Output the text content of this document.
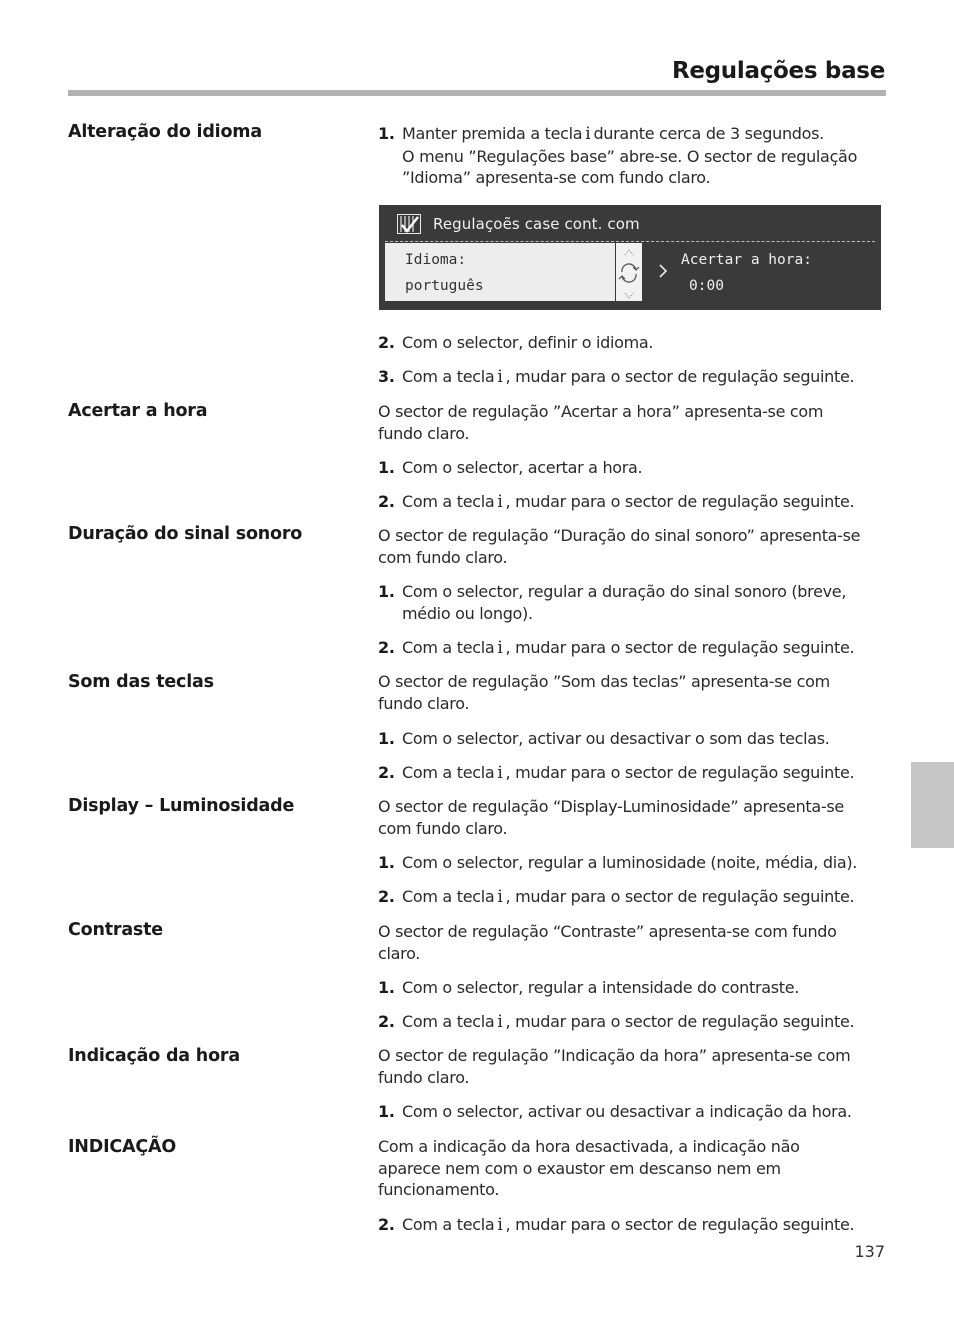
Regulações base
Alteração do idioma
Acertar a hora
Duração do sinal sonoro
Som das teclas
Display – Luminosidade
Contraste
Indicação da hora
INDICAÇÃO
1. Manter premida a tecla i durante cerca de 3 segundos.
O menu ”Regulações base” abre-se. O sector de regulação
”Idioma” apresenta-se com fundo claro.
Regulaçoẽs case cont. com
Idioma:
português
Acertar a hora:
0:00
2. Com o selector, definir o idioma.
3. Com a tecla i , mudar para o sector de regulação seguinte.
O sector de regulação ”Acertar a hora” apresenta-se com
fundo claro.
1. Com o selector, acertar a hora.
2. Com a tecla i , mudar para o sector de regulação seguinte.
O sector de regulação “Duração do sinal sonoro” apresenta-se
com fundo claro.
1. Com o selector, regular a duração do sinal sonoro (breve,
médio ou longo).
2. Com a tecla i , mudar para o sector de regulação seguinte.
O sector de regulação ”Som das teclas” apresenta-se com
fundo claro.
1. Com o selector, activar ou desactivar o som das teclas.
2. Com a tecla i , mudar para o sector de regulação seguinte.
O sector de regulação “Display-Luminosidade” apresenta-se
com fundo claro.
1. Com o selector, regular a luminosidade (noite, média, dia).
2. Com a tecla i , mudar para o sector de regulação seguinte.
O sector de regulação “Contraste” apresenta-se com fundo
claro.
1. Com o selector, regular a intensidade do contraste.
2. Com a tecla i , mudar para o sector de regulação seguinte.
O sector de regulação ”Indicação da hora” apresenta-se com
fundo claro.
1. Com o selector, activar ou desactivar a indicação da hora.
Com a indicação da hora desactivada, a indicação não
aparece nem com o exaustor em descanso nem em
funcionamento.
2. Com a tecla i , mudar para o sector de regulação seguinte.
137
